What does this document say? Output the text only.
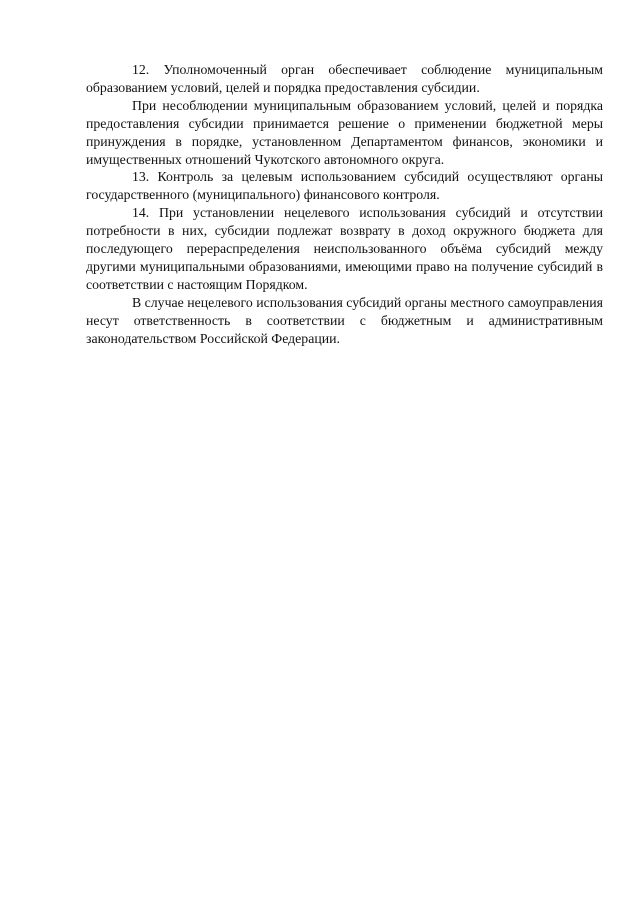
12. Уполномоченный орган обеспечивает соблюдение муниципальным образованием условий, целей и порядка предоставления субсидии.

При несоблюдении муниципальным образованием условий, целей и порядка предоставления субсидии принимается решение о применении бюджетной меры принуждения в порядке, установленном Департаментом финансов, экономики и имущественных отношений Чукотского автономного округа.

13. Контроль за целевым использованием субсидий осуществляют органы государственного (муниципального) финансового контроля.

14. При установлении нецелевого использования субсидий и отсутствии потребности в них, субсидии подлежат возврату в доход окружного бюджета для последующего перераспределения неиспользованного объёма субсидий между другими муниципальными образованиями, имеющими право на получение субсидий в соответствии с настоящим Порядком.

В случае нецелевого использования субсидий органы местного самоуправления несут ответственность в соответствии с бюджетным и административным законодательством Российской Федерации.
